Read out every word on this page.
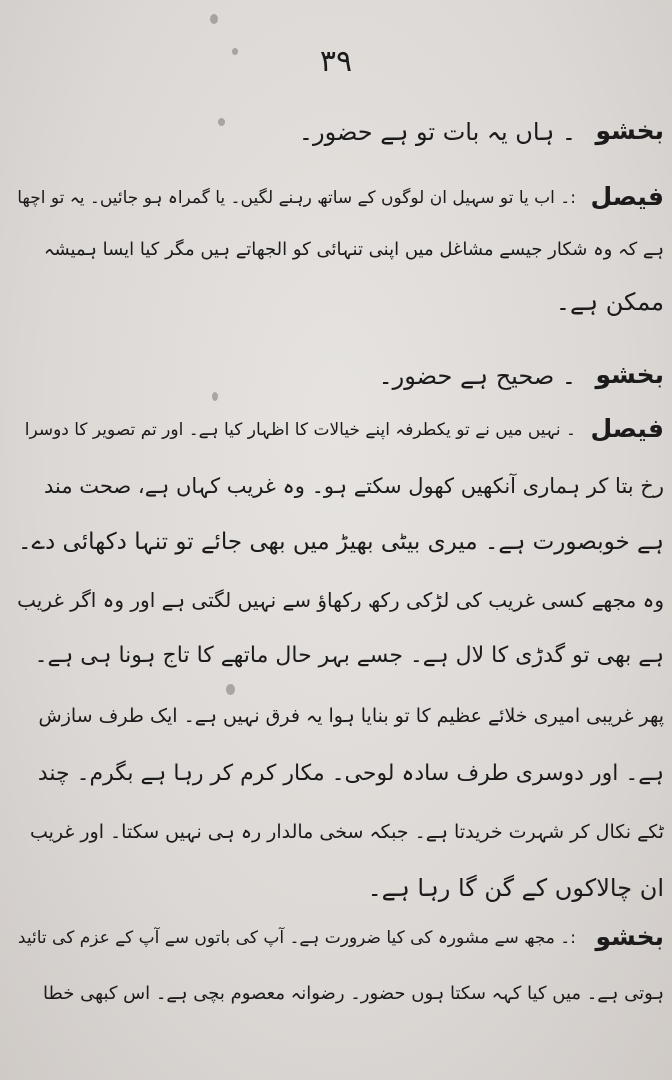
۳۹
بخشو
۔ ہاں یہ بات تو ہے حضور۔
فیصل
:۔ اب یا تو سہیل ان لوگوں کے ساتھ رہنے لگیں۔ یا گمراہ ہو جائیں۔ یہ تو اچھا
ہے کہ وہ شکار جیسے مشاغل میں اپنی تنہائی کو الجھاتے ہیں مگر کیا ایسا ہمیشہ
ممکن ہے۔
بخشو
۔ صحیح ہے حضور۔
فیصل
۔ نہیں میں نے تو یکطرفہ اپنے خیالات کا اظہار کیا ہے۔ اور تم تصویر کا دوسرا
رخ بتا کر ہماری آنکھیں کھول سکتے ہو۔ وہ غریب کہاں ہے، صحت مند
ہے خوبصورت ہے۔ میری بیٹی بھیڑ میں بھی جائے تو تنہا دکھائی دے۔
وہ مجھے کسی غریب کی لڑکی رکھ رکھاؤ سے نہیں لگتی ہے اور وہ اگر غریب
ہے بھی تو گدڑی کا لال ہے۔ جسے بہر حال ماتھے کا تاج ہونا ہی ہے۔
پھر غریبی امیری خلائے عظیم کا تو بنایا ہوا یہ فرق نہیں ہے۔ ایک طرف سازش
ہے۔ اور دوسری طرف سادہ لوحی۔ مکار کرم کر رہا ہے بگرم۔ چند
ٹکے نکال کر شہرت خریدتا ہے۔ جبکہ سخی مالدار رہ ہی نہیں سکتا۔ اور غریب
ان چالاکوں کے گن گا رہا ہے۔
بخشو
:۔ مجھ سے مشورہ کی کیا ضرورت ہے۔ آپ کی باتوں سے آپ کے عزم کی تائید
ہوتی ہے۔ میں کیا کہہ سکتا ہوں حضور۔ رضوانہ معصوم بچی ہے۔ اس کبھی خطا
